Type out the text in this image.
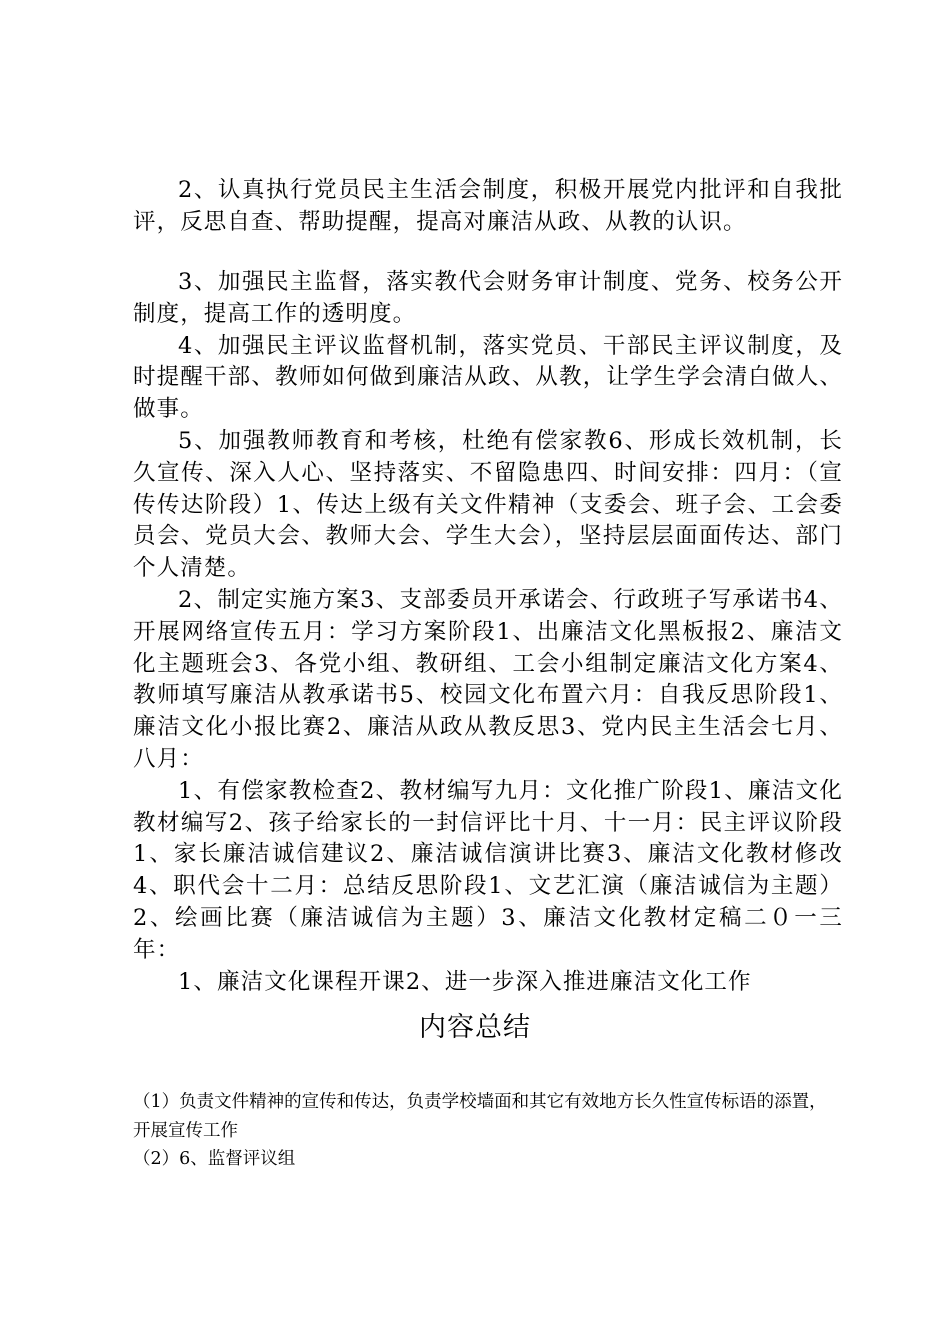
2、认真执行党员民主生活会制度，积极开展党内批评和自我批评，反思自查、帮助提醒，提高对廉洁从政、从教的认识。

3、加强民主监督，落实教代会财务审计制度、党务、校务公开制度，提高工作的透明度。

4、加强民主评议监督机制，落实党员、干部民主评议制度，及时提醒干部、教师如何做到廉洁从政、从教，让学生学会清白做人、做事。

5、加强教师教育和考核，杜绝有偿家教6、形成长效机制，长久宣传、深入人心、坚持落实、不留隐患四、时间安排：四月：（宣传传达阶段）1、传达上级有关文件精神（支委会、班子会、工会委员会、党员大会、教师大会、学生大会），坚持层层面面传达、部门个人清楚。

2、制定实施方案3、支部委员开承诺会、行政班子写承诺书4、开展网络宣传五月：学习方案阶段1、出廉洁文化黑板报2、廉洁文化主题班会3、各党小组、教研组、工会小组制定廉洁文化方案4、教师填写廉洁从教承诺书5、校园文化布置六月：自我反思阶段1、廉洁文化小报比赛2、廉洁从政从教反思3、党内民主生活会七月、八月：

1、有偿家教检查2、教材编写九月：文化推广阶段1、廉洁文化教材编写2、孩子给家长的一封信评比十月、十一月：民主评议阶段1、家长廉洁诚信建议2、廉洁诚信演讲比赛3、廉洁文化教材修改4、职代会十二月：总结反思阶段1、文艺汇演（廉洁诚信为主题）2、绘画比赛（廉洁诚信为主题）3、廉洁文化教材定稿二０一三年：

1、廉洁文化课程开课2、进一步深入推进廉洁文化工作

内容总结

（1）负责文件精神的宣传和传达，负责学校墙面和其它有效地方长久性宣传标语的添置，开展宣传工作

（2）6、监督评议组
